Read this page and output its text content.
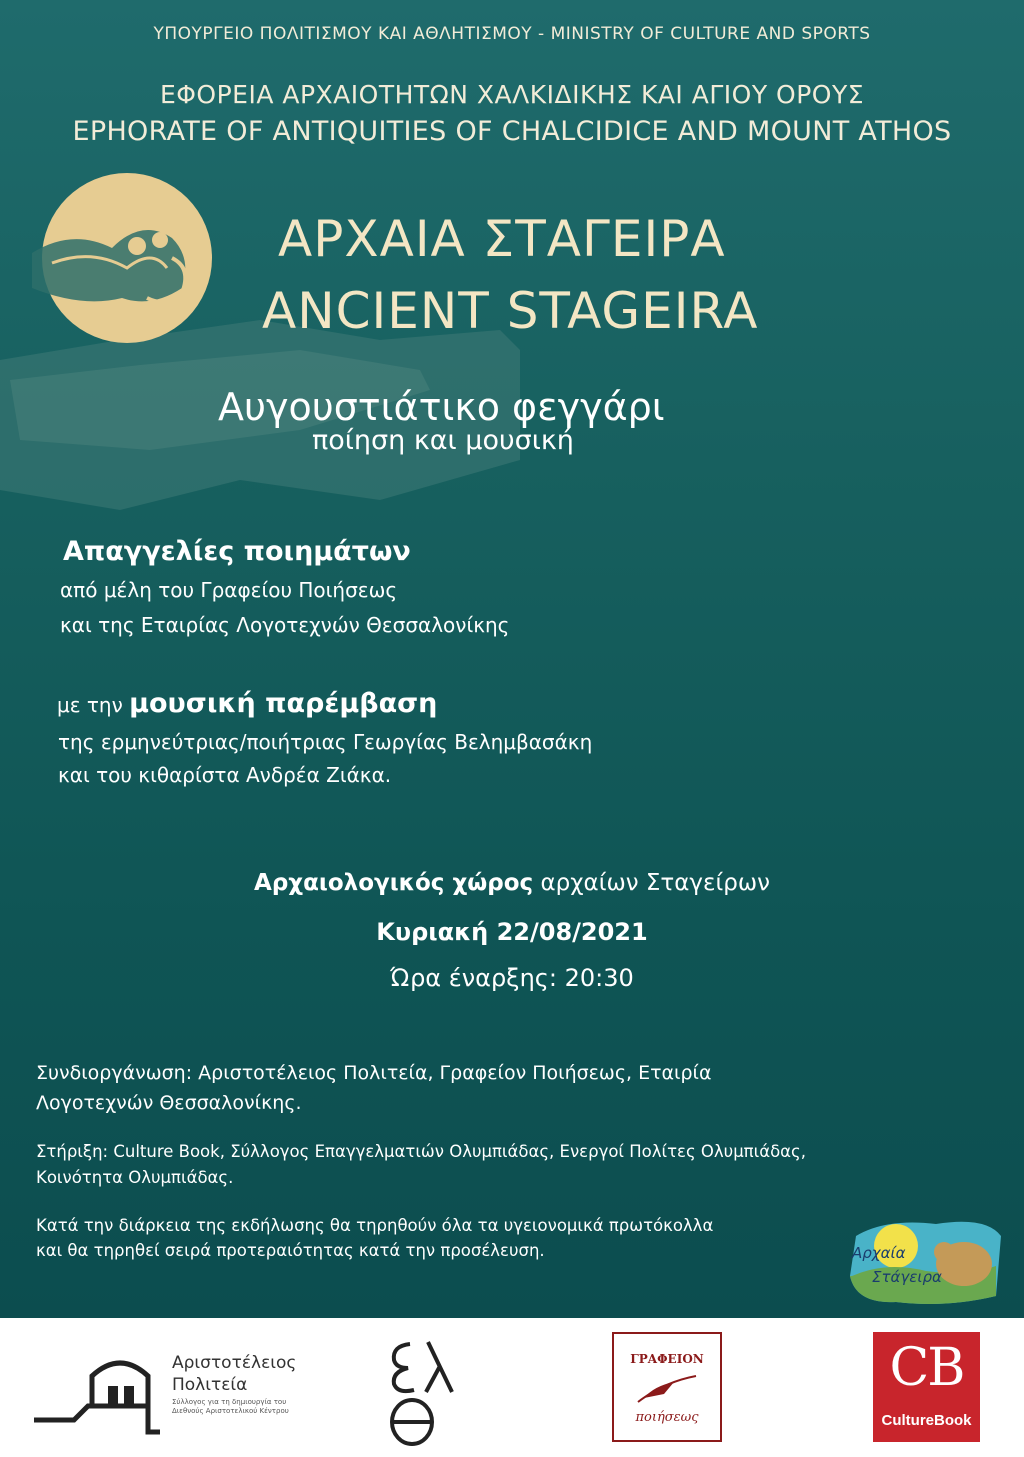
ΥΠΟΥΡΓΕΙΟ ΠΟΛΙΤΙΣΜΟΥ ΚΑΙ ΑΘΛΗΤΙΣΜΟΥ - MINISTRY OF CULTURE AND SPORTS
ΕΦΟΡΕΙΑ ΑΡΧΑΙΟΤΗΤΩΝ ΧΑΛΚΙΔΙΚΗΣ ΚΑΙ ΑΓΙΟΥ ΟΡΟΥΣ
EPHORATE OF ANTIQUITIES OF CHALCIDICE AND MOUNT ATHOS
ΑΡΧΑΙΑ ΣΤΑΓΕΙΡΑ
ANCIENT STAGEIRA
Αυγουστιάτικο φεγγάρι
ποίηση και μουσική
Απαγγελίες ποιημάτων
από μέλη του Γραφείου Ποιήσεως
και της Εταιρίας Λογοτεχνών Θεσσαλονίκης
με την μουσική παρέμβαση
της ερμηνεύτριας/ποιήτριας Γεωργίας Βελημβασάκη
και του κιθαρίστα Ανδρέα Ζιάκα.
Αρχαιολογικός χώρος αρχαίων Σταγείρων
Κυριακή 22/08/2021
Ώρα έναρξης: 20:30
Συνδιοργάνωση: Αριστοτέλειος Πολιτεία, Γραφείον Ποιήσεως, Εταιρία
Λογοτεχνών Θεσσαλονίκης.
Στήριξη: Culture Book, Σύλλογος Επαγγελματιών Ολυμπιάδας, Ενεργοί Πολίτες Ολυμπιάδας,
Κοινότητα Ολυμπιάδας.
Κατά την διάρκεια της εκδήλωσης θα τηρηθούν όλα τα υγειονομικά πρωτόκολλα
και θα τηρηθεί σειρά προτεραιότητας κατά την προσέλευση.	Αρχαία
Στάγειρα
Αριστοτέλειος
Πολιτεία
Σύλλογος για τη δημιουργία του Διεθνούς Αριστοτελικού Κέντρου
ΓΡΑΦΕΙΟΝ
ποιήσεως
CB
CultureBook
